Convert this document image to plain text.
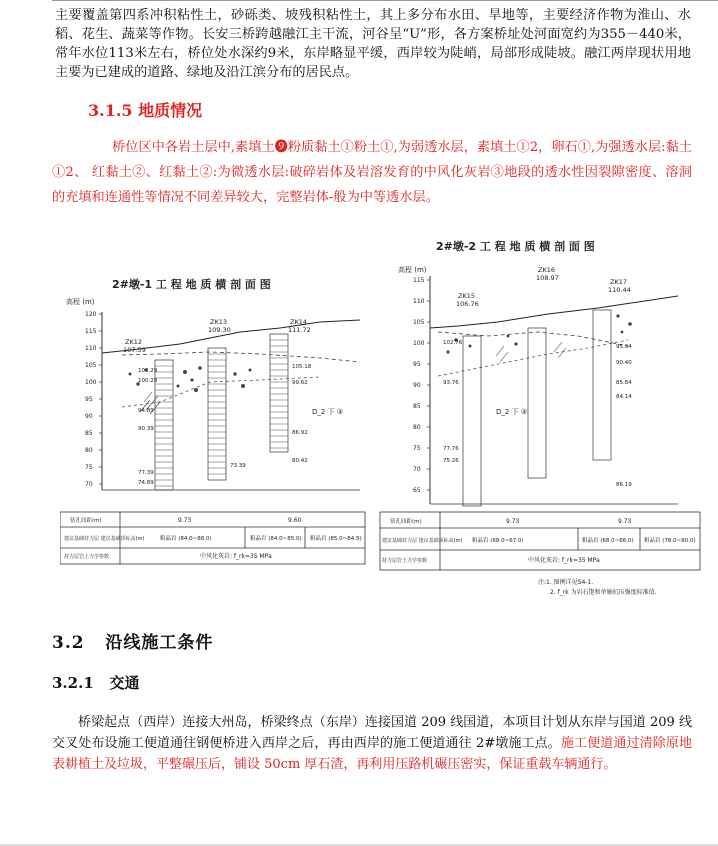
主要覆盖第四系冲积粘性土，砂砾类、坡残积粘性土，其上多分布水田、旱地等，主要经济作物为淮山、水稻、花生、蔬菜等作物。长安三桥跨越融江主干流，河谷呈“U”形，各方案桥址处河面宽约为355－440米，常年水位113米左右，桥位处水深约9米，东岸略显平缓，西岸较为陡峭，局部形成陡坡。融江两岸现状用地主要为已建成的道路、绿地及沿江滨分布的居民点。
3.1.5 地质情况
桥位区中各岩土层中,素填土❾粉质黏土①粉土①,为弱透水层，素填土①2，卵石①,为强透水层:黏土①2、 红黏土②、红黏土②:为微透水层:破碎岩体及岩溶发育的中风化灰岩③地段的透水性因裂隙密度、溶洞的充填和连通性等情况不同差异较大，完整岩体-般为中等透水层。
2#墩-1 工 程 地 质 横 剖 面 图
高程 (m)
120
115
110
105
100
95
90
85
80
75
70
ZK12
107.59
ZK13
109.30
ZK14
111.72
103.29
100.29
94.89
90.39
77.39
74.89
73.39
86.92
80.42
105.18
99.62
D_2 下 ③
钻孔间距(m)	9.73	9.60
建议基础持力层 建议基础顶标高(m)	粗晶岩 (84.0~88.0)	粗晶岩 (84.0~85.0) 粗晶岩 (85.0~84.5)
持力层岩土力学参数	中风化灰岩: f_rk=35 MPa
2#墩-2 工 程 地 质 横 剖 面 图
高程 (m)
115
110
105
100
95
90
85
80
75
70
65
ZK15
106.76
ZK16
108.97	ZK17
110.44
102.76
93.76
77.76
75.26
85.84
84.14
95.94
90.40
86.19
D_2 下 ③
钻孔间距(m)	9.73	9.73
建议基础持力层 建议基础顶标高(m) 粗晶岩 (68.0~67.0)	粗晶岩 (68.0~66.0) 粗晶岩 (78.0~80.0)
持力层岩土力学参数	中风化灰岩: f_rk=35 MPa
注:1. 图例详见S4-1.
2. f_rk 为岩石饱和单轴抗压强度标准值.
3.2 沿线施工条件
3.2.1 交通
桥梁起点（西岸）连接大州岛，桥梁终点（东岸）连接国道 209 线国道，本项目计划从东岸与国道 209 线交叉处布设施工便道通往钢便桥进入西岸之后，再由西岸的施工便道通往 2#墩施工点。施工便道通过清除原地表耕植土及垃圾，平整碾压后，铺设 50cm 厚石渣，再利用压路机碾压密实，保证重载车辆通行。
